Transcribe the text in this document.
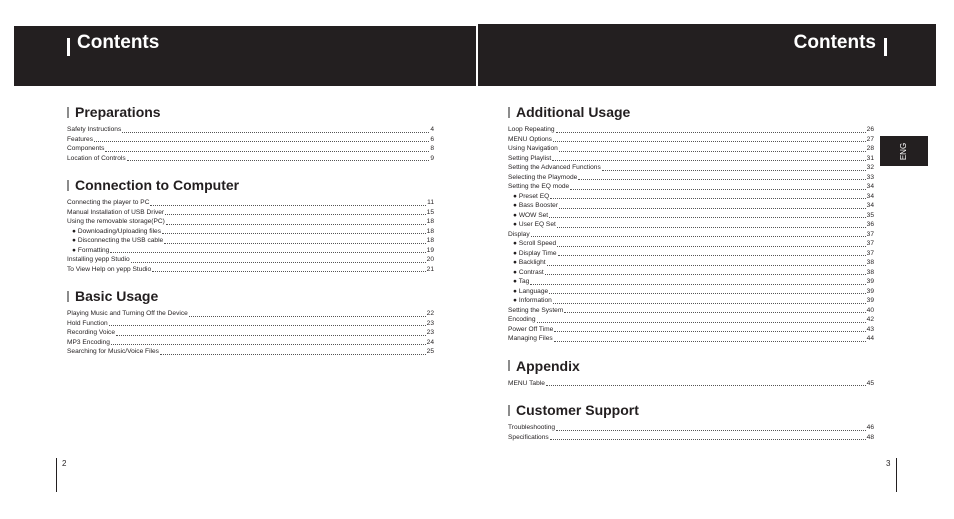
Contents	Contents
ENG
Preparations
Safety Instructions	4
Features	6
Components	8
Location of Controls	9
Connection to Computer
Connecting the player to PC	11
Manual Installation of USB Driver	15
Using the removable storage(PC)	18
● Downloading/Uploading files	18
● Disconnecting the USB cable	18
● Formatting	19
Installing yepp Studio	20
To View Help on yepp Studio	21
Basic Usage
Playing Music and Turning Off the Device	22
Hold Function	23
Recording Voice	23
MP3 Encoding	24
Searching for Music/Voice Files	25
Additional Usage
Loop Repeating	26
MENU Options	27
Using Navigation	28
Setting Playlist	31
Setting the Advanced Functions	32
Selecting the Playmode	33
Setting the EQ mode	34
● Preset EQ	34
● Bass Booster	34
● WOW Set	35
● User EQ Set	36
Display	37
● Scroll Speed	37
● Display Time	37
● Backlight	38
● Contrast	38
● Tag	39
● Language	39
● Information	39
Setting the System	40
Encoding	42
Power Off Time	43
Managing Files	44
Appendix
MENU Table	45
Customer Support
Troubleshooting	46
Specifications	48
2	3
